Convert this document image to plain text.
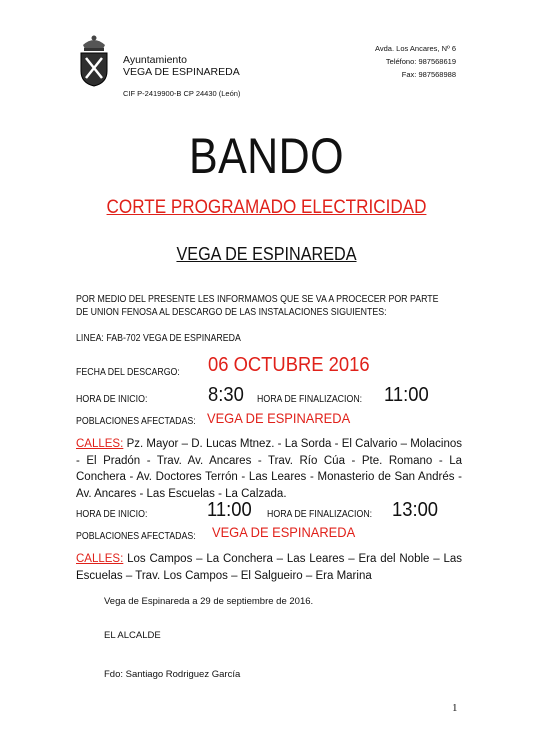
Ayuntamiento
VEGA DE ESPINAREDA
CIF P-2419900-B CP 24430 (León)
Avda. Los Ancares, Nº 6
Teléfono: 987568619
Fax: 987568988
BANDO
CORTE PROGRAMADO ELECTRICIDAD
VEGA DE ESPINAREDA
POR MEDIO DEL PRESENTE LES INFORMAMOS QUE SE VA A PROCECER POR PARTE
DE UNION FENOSA AL DESCARGO DE LAS INSTALACIONES SIGUIENTES:
LINEA: FAB-702 VEGA DE ESPINAREDA
FECHA DEL DESCARGO: 06 OCTUBRE 2016
HORA DE INICIO:	8:30 HORA DE FINALIZACION: 11:00
POBLACIONES AFECTADAS: VEGA DE ESPINAREDA
CALLES: Pz. Mayor – D. Lucas Mtnez. - La Sorda - El Calvario – Molacinos - El Pradón - Trav. Av. Ancares - Trav. Río Cúa - Pte. Romano - La Conchera - Av. Doctores Terrón - Las Leares - Monasterio de San Andrés - Av. Ancares - Las Escuelas - La Calzada.
HORA DE INICIO:	11:00 HORA DE FINALIZACION: 13:00
POBLACIONES AFECTADAS: VEGA DE ESPINAREDA
CALLES: Los Campos – La Conchera – Las Leares – Era del Noble – Las Escuelas – Trav. Los Campos – El Salgueiro – Era Marina
Vega de Espinareda a 29 de septiembre de 2016.
EL ALCALDE
Fdo: Santiago Rodriguez García
1
